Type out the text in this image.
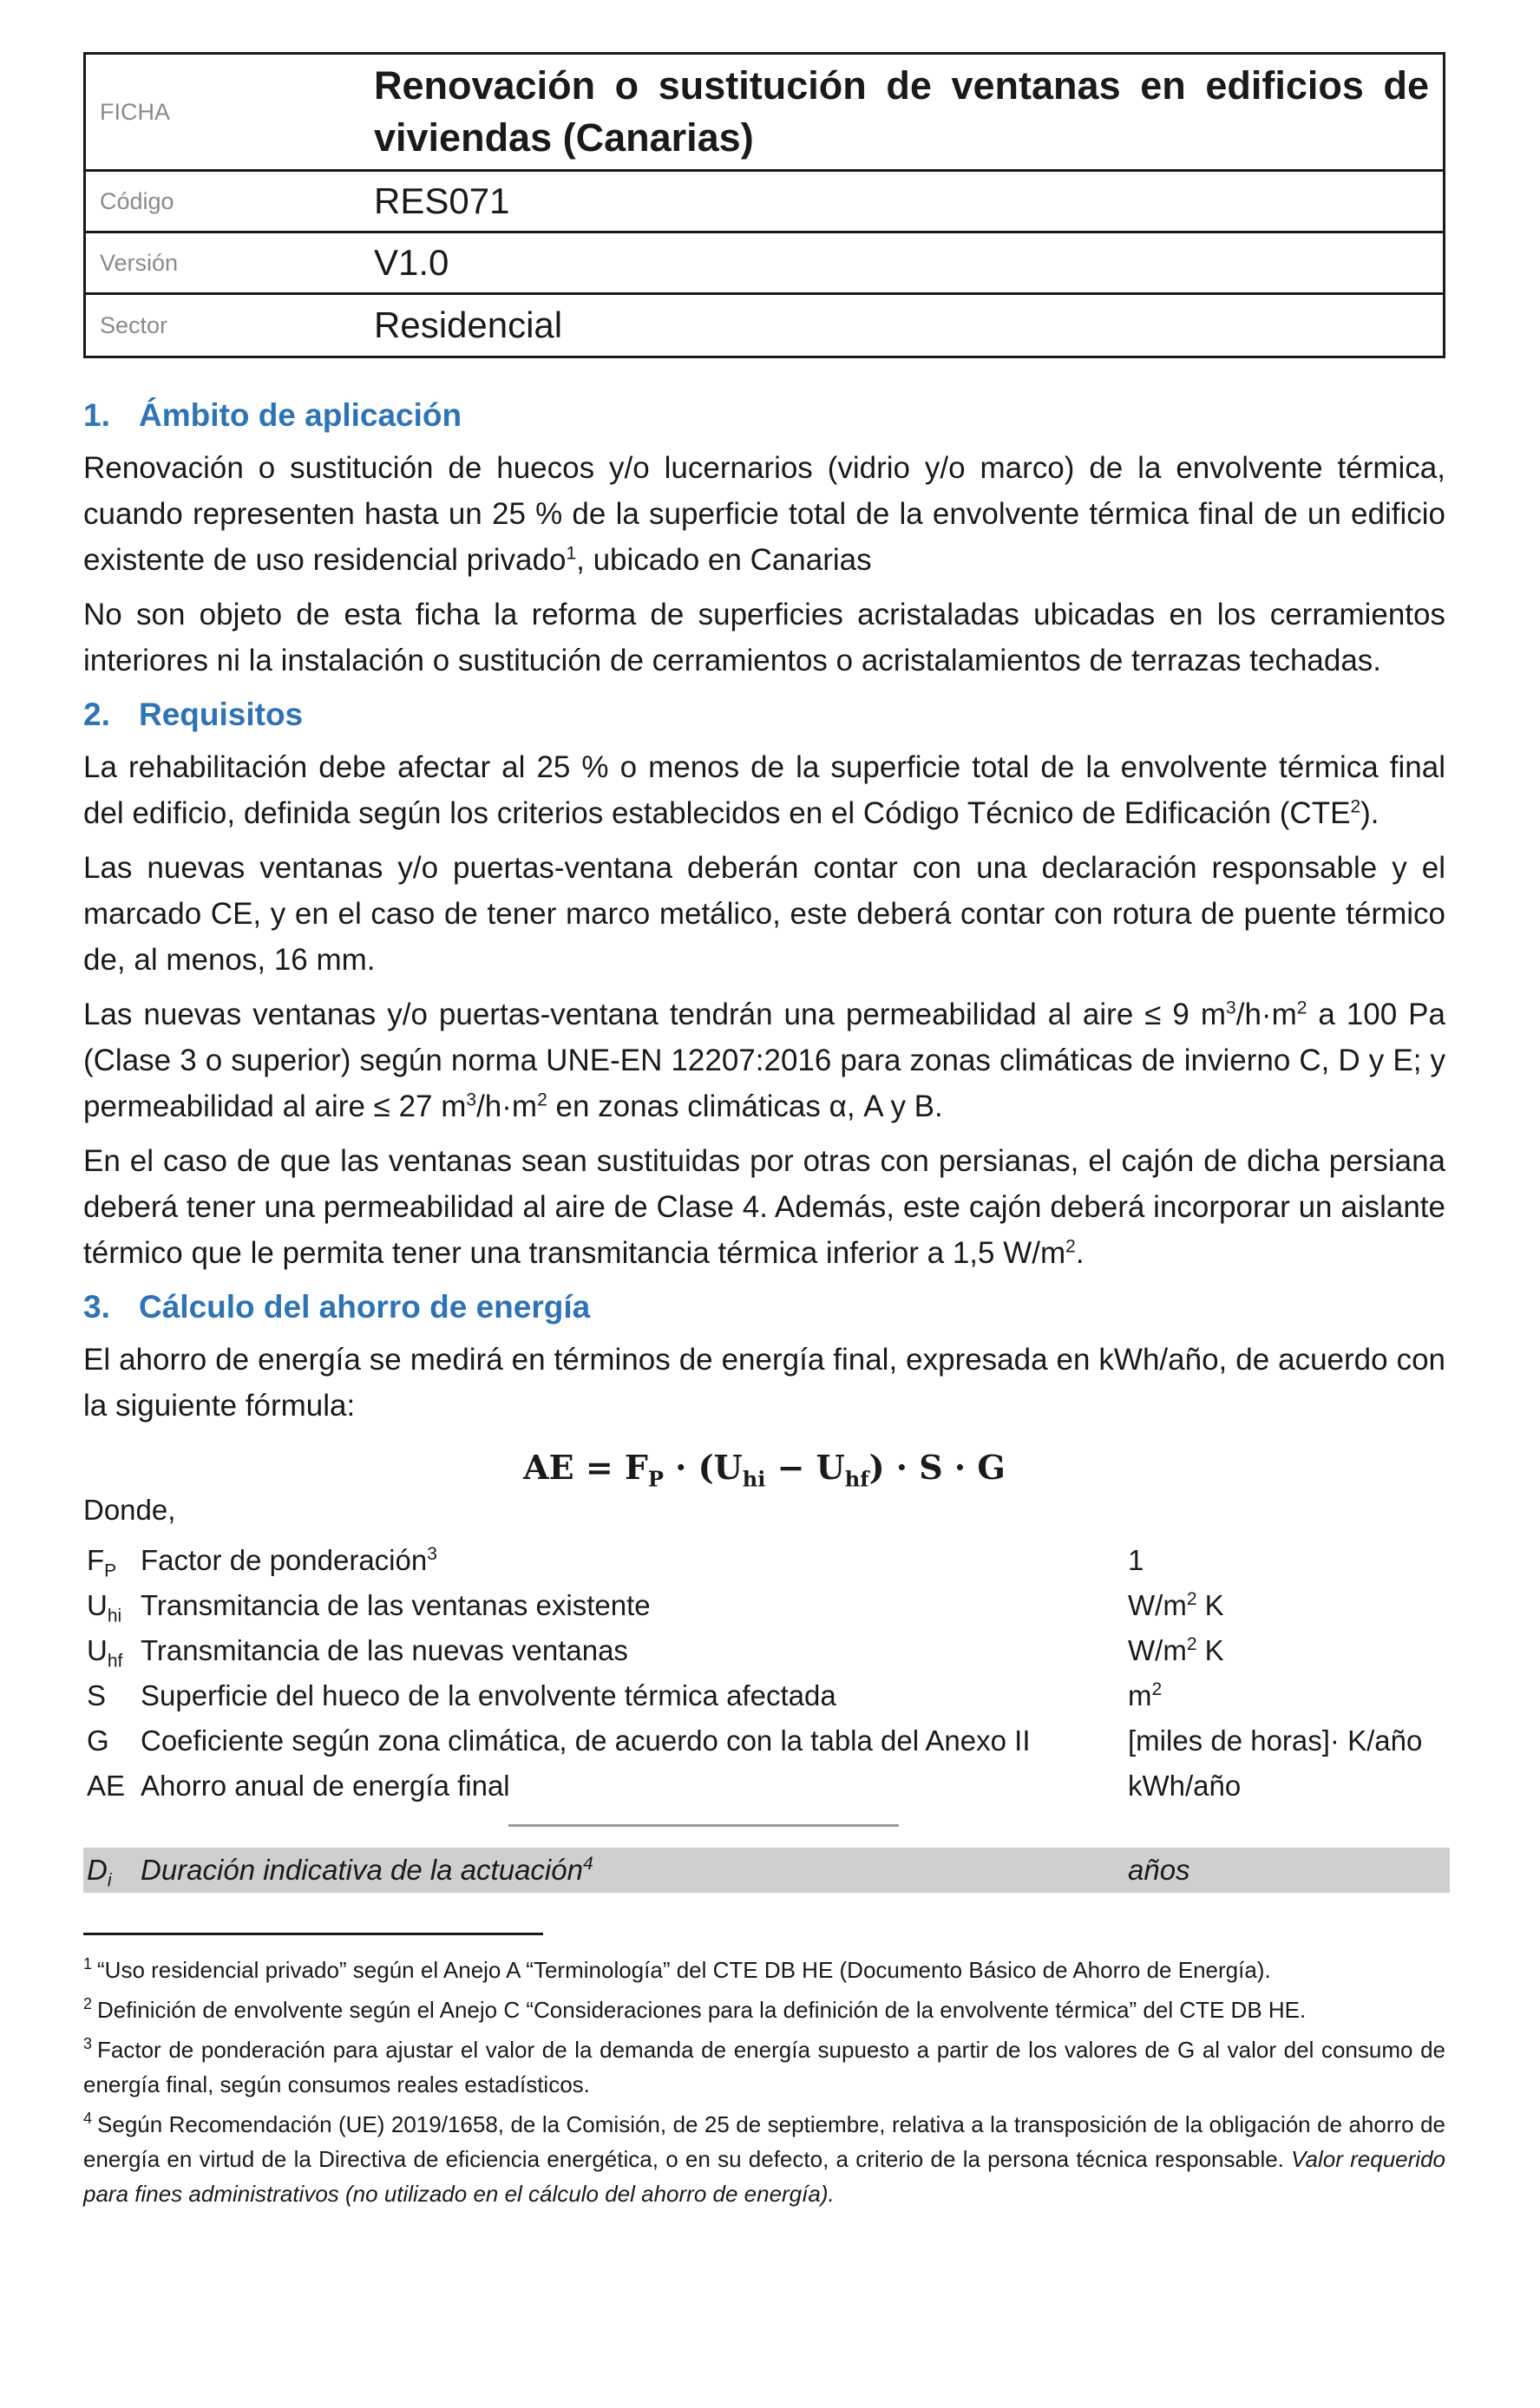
FICHA	Renovación o sustitución de ventanas en edificios de viviendas (Canarias)
Código	RES071
Versión	V1.0
Sector	Residencial
1. Ámbito de aplicación

Renovación o sustitución de huecos y/o lucernarios (vidrio y/o marco) de la envolvente térmica, cuando representen hasta un 25 % de la superficie total de la envolvente térmica final de un edificio existente de uso residencial privado$^1$, ubicado en Canarias

No son objeto de esta ficha la reforma de superficies acristaladas ubicadas en los cerramientos interiores ni la instalación o sustitución de cerramientos o acristalamientos de terrazas techadas.

2. Requisitos

La rehabilitación debe afectar al 25 % o menos de la superficie total de la envolvente térmica final del edificio, definida según los criterios establecidos en el Código Técnico de Edificación (CTE$^2$).

Las nuevas ventanas y/o puertas-ventana deberán contar con una declaración responsable y el marcado CE, y en el caso de tener marco metálico, este deberá contar con rotura de puente térmico de, al menos, 16 mm.

Las nuevas ventanas y/o puertas-ventana tendrán una permeabilidad al aire ≤ 9 $m^3/h\cdot m^2$ a 100 Pa (Clase 3 o superior) según norma UNE-EN 12207:2016 para zonas climáticas de invierno C, D y E; y permeabilidad al aire ≤ 27 $m^3/h\cdot m^2$ en zonas climáticas α, A y B.

En el caso de que las ventanas sean sustituidas por otras con persianas, el cajón de dicha persiana deberá tener una permeabilidad al aire de Clase 4. Además, este cajón deberá incorporar un aislante térmico que le permita tener una transmitancia térmica inferior a 1,5 $W/m^2$.

3. Cálculo del ahorro de energía

El ahorro de energía se medirá en términos de energía final, expresada en kWh/año, de acuerdo con la siguiente fórmula:

AE = $F_P \cdot (U_{hi} - U_{hf}) \cdot S \cdot G$
Donde,
$F_P$	Factor de ponderación$^3$	1
$U_{hi}$	Transmitancia de las ventanas existente	$W/m^2$ K
$U_{hf}$	Transmitancia de las nuevas ventanas	$W/m^2$ K
S	Superficie del hueco de la envolvente térmica afectada	$m^2$
G	Coeficiente según zona climática, de acuerdo con la tabla del Anexo II	[miles de horas]· K/año
AE	Ahorro anual de energía final	kWh/año
$D_i$	Duración indicativa de la actuación$^4$	años

$^1$ “Uso residencial privado” según el Anejo A “Terminología” del CTE DB HE (Documento Básico de Ahorro de Energía).

$^2$ Definición de envolvente según el Anejo C “Consideraciones para la definición de la envolvente térmica” del CTE DB HE.

$^3$ Factor de ponderación para ajustar el valor de la demanda de energía supuesto a partir de los valores de G al valor del consumo de energía final, según consumos reales estadísticos.

$^4$ Según Recomendación (UE) 2019/1658, de la Comisión, de 25 de septiembre, relativa a la transposición de la obligación de ahorro de energía en virtud de la Directiva de eficiencia energética, o en su defecto, a criterio de la persona técnica responsable. Valor requerido para fines administrativos (no utilizado en el cálculo del ahorro de energía).
